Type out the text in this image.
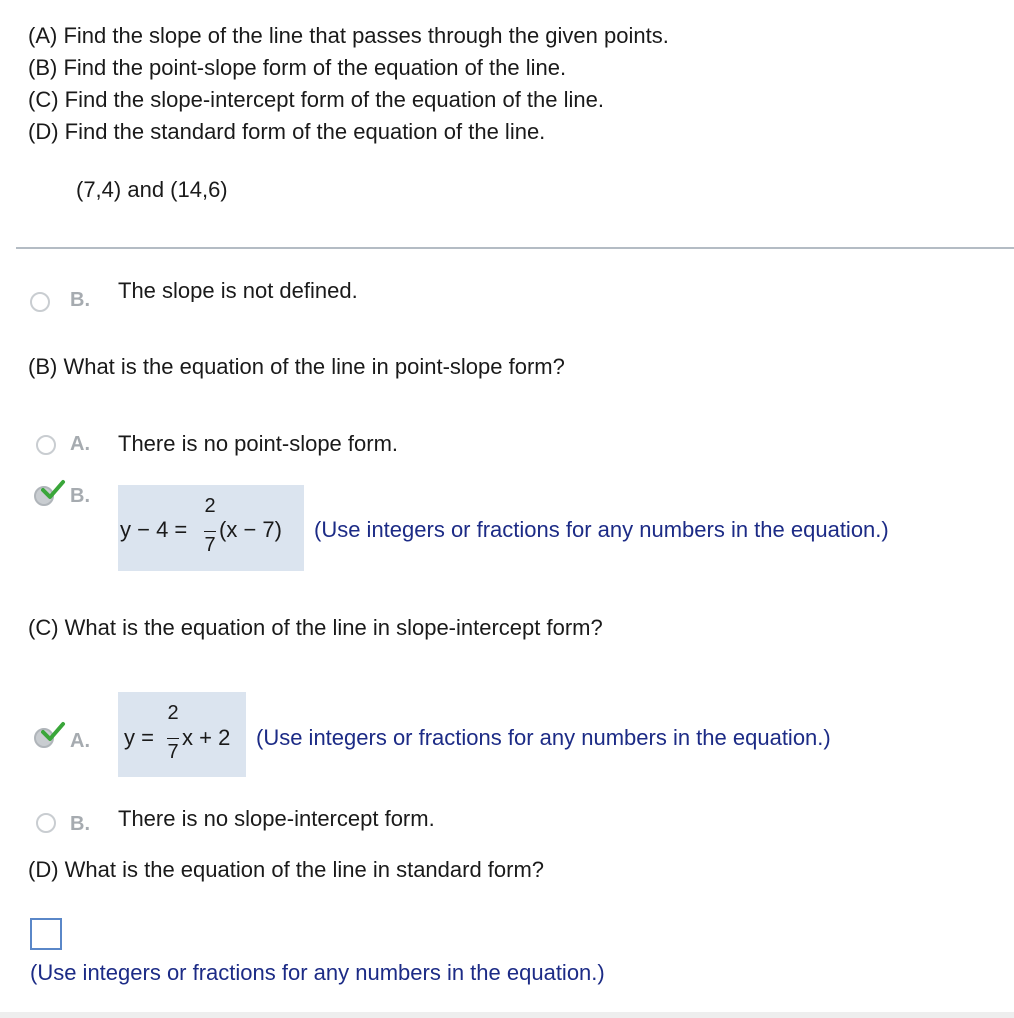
(A) Find the slope of the line that passes through the given points.
(B) Find the point-slope form of the equation of the line.
(C) Find the slope-intercept form of the equation of the line.
(D) Find the standard form of the equation of the line.
(7,4) and (14,6)
B. The slope is not defined.
(B) What is the equation of the line in point-slope form?
A. There is no point-slope form.
B.
y − 4 =
2
7
(x − 7) (Use integers or fractions for any numbers in the equation.)
(C) What is the equation of the line in slope-intercept form?
A. y =
2
7
x + 2 (Use integers or fractions for any numbers in the equation.)
B. There is no slope-intercept form.
(D) What is the equation of the line in standard form?
(Use integers or fractions for any numbers in the equation.)
